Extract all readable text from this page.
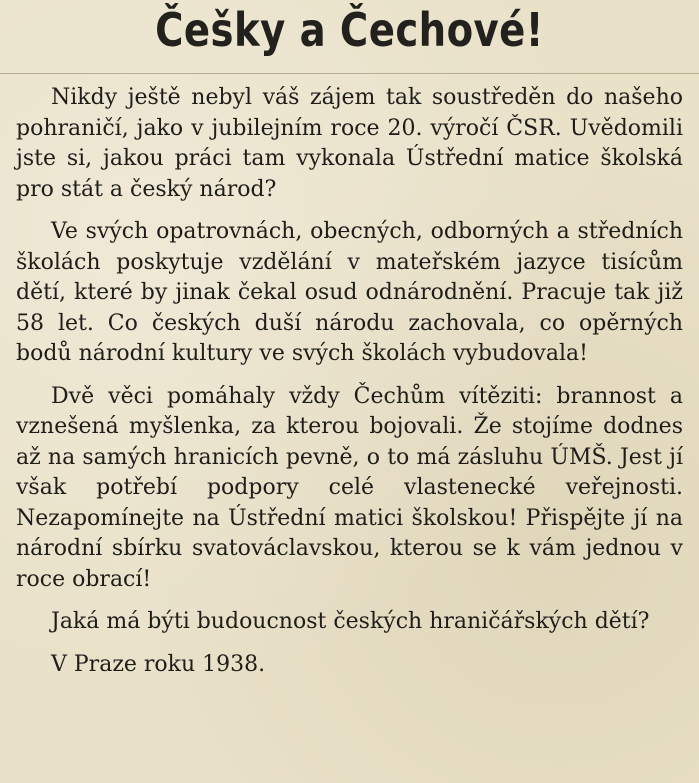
Češky a Čechové!

Nikdy ještě nebyl váš zájem tak soustředěn do našeho pohraničí, jako v jubilejním roce 20. výročí ČSR. Uvědomili jste si, jakou práci tam vykonala Ústřední matice školská pro stát a český národ?

Ve svých opatrovnách, obecných, odborných a středních školách poskytuje vzdělání v mateřském jazyce tisícům dětí, které by jinak čekal osud odnárodnění. Pracuje tak již 58 let. Co českých duší národu zachovala, co opěrných bodů národní kultury ve svých školách vybudovala!

Dvě věci pomáhaly vždy Čechům vítěziti: brannost a vznešená myšlenka, za kterou bojovali. Že stojíme dodnes až na samých hranicích pevně, o to má zásluhu ÚMŠ. Jest jí však potřebí podpory celé vlastenecké veřejnosti. Nezapomínejte na Ústřední matici školskou! Přispějte jí na národní sbírku svatováclavskou, kterou se k vám jednou v roce obrací!

Jaká má býti budoucnost českých hraničářských dětí?

V Praze roku 1938.
